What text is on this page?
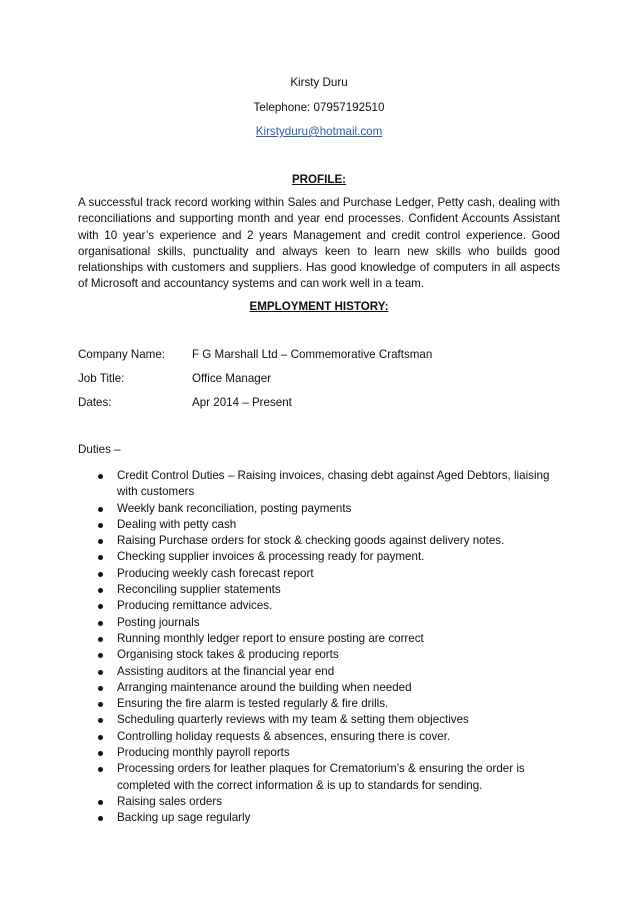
Kirsty Duru
Telephone: 07957192510
Kirstyduru@hotmail.com
PROFILE:
A successful track record working within Sales and Purchase Ledger, Petty cash, dealing with reconciliations and supporting month and year end processes. Confident Accounts Assistant with 10 year’s experience and 2 years Management and credit control experience. Good organisational skills, punctuality and always keen to learn new skills who builds good relationships with customers and suppliers. Has good knowledge of computers in all aspects of Microsoft and accountancy systems and can work well in a team.
EMPLOYMENT HISTORY:
Company Name: F G Marshall Ltd – Commemorative Craftsman
Job Title:	Office Manager
Dates:	Apr 2014 – Present
Duties –
Credit Control Duties – Raising invoices, chasing debt against Aged Debtors, liaising with customers
Weekly bank reconciliation, posting payments
Dealing with petty cash
Raising Purchase orders for stock & checking goods against delivery notes.
Checking supplier invoices & processing ready for payment.
Producing weekly cash forecast report
Reconciling supplier statements
Producing remittance advices.
Posting journals
Running monthly ledger report to ensure posting are correct
Organising stock takes & producing reports
Assisting auditors at the financial year end
Arranging maintenance around the building when needed
Ensuring the fire alarm is tested regularly & fire drills.
Scheduling quarterly reviews with my team & setting them objectives
Controlling holiday requests & absences, ensuring there is cover.
Producing monthly payroll reports
Processing orders for leather plaques for Crematorium’s & ensuring the order is completed with the correct information & is up to standards for sending.
Raising sales orders
Backing up sage regularly
